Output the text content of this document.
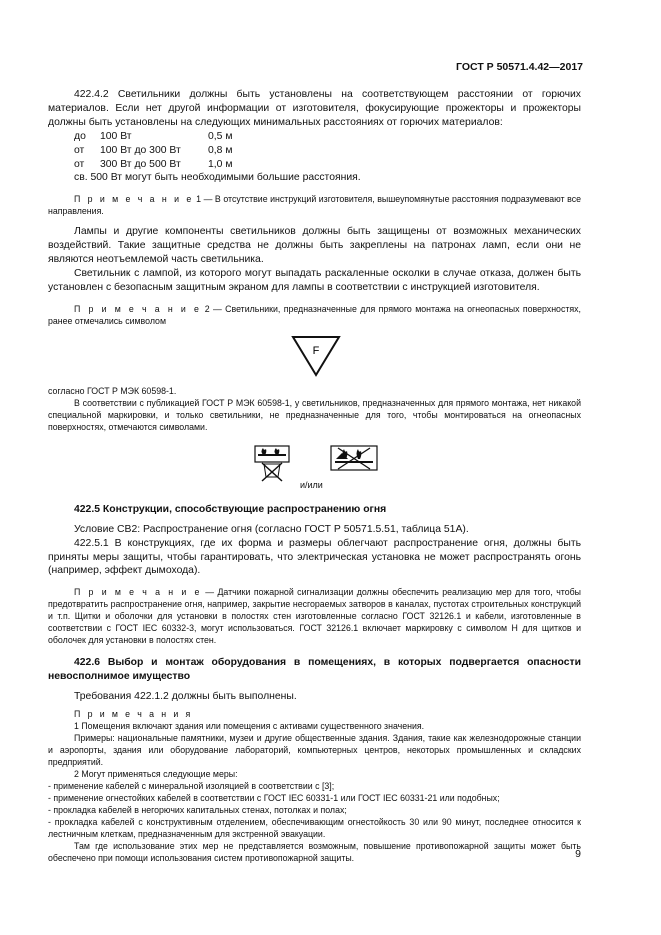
ГОСТ Р 50571.4.42—2017

422.4.2 Светильники должны быть установлены на соответствующем расстоянии от горючих материалов. Если нет другой информации от изготовителя, фокусирующие прожекторы и прожекторы должны быть установлены на следующих минимальных расстояниях от горючих материалов:

до 100 Вт	0,5 м
от 100 Вт до 300 Вт	0,8 м
от 300 Вт до 500 Вт	1,0 м
св. 500 Вт могут быть необходимыми большие расстояния.

П р и м е ч а н и е 1 — В отсутствие инструкций изготовителя, вышеупомянутые расстояния подразумевают все направления.

Лампы и другие компоненты светильников должны быть защищены от возможных механических воздействий. Такие защитные средства не должны быть закреплены на патронах ламп, если они не являются неотъемлемой часть светильника.

Светильник с лампой, из которого могут выпадать раскаленные осколки в случае отказа, должен быть установлен с безопасным защитным экраном для лампы в соответствии с инструкцией изготовителя.

П р и м е ч а н и е 2 — Светильники, предназначенные для прямого монтажа на огнеопасных поверхностях, ранее отмечались символом

F

согласно ГОСТ Р МЭК 60598-1.

В соответствии с публикацией ГОСТ Р МЭК 60598-1, у светильников, предназначенных для прямого монтажа, нет никакой специальной маркировки, и только светильники, не предназначенные для того, чтобы монтироваться на огнеопасных поверхностях, отмечаются символами.

и/или

422.5 Конструкции, способствующие распространению огня

Условие СВ2: Распространение огня (согласно ГОСТ Р 50571.5.51, таблица 51А).

422.5.1 В конструкциях, где их форма и размеры облегчают распространение огня, должны быть приняты меры защиты, чтобы гарантировать, что электрическая установка не может распространять огонь (например, эффект дымохода).

П р и м е ч а н и е — Датчики пожарной сигнализации должны обеспечить реализацию мер для того, чтобы предотвратить распространение огня, например, закрытие несгораемых затворов в каналах, пустотах строительных конструкций и т.п. Щитки и оболочки для установки в полостях стен изготовленные согласно ГОСТ 32126.1 и кабели, изготовленные в соответствии с ГОСТ IEC 60332-3, могут использоваться. ГОСТ 32126.1 включает маркировку с символом Н для щитков и оболочек для установки в полостях стен.

422.6 Выбор и монтаж оборудования в помещениях, в которых подвергается опасности невосполнимое имущество

Требования 422.1.2 должны быть выполнены.

П р и м е ч а н и я

1 Помещения включают здания или помещения с активами существенного значения.

Примеры: национальные памятники, музеи и другие общественные здания. Здания, такие как железнодорожные станции и аэропорты, здания или оборудование лабораторий, компьютерных центров, некоторых промышленных и складских предприятий.

2 Могут применяться следующие меры:

- применение кабелей с минеральной изоляцией в соответствии с [3];

- применение огнестойких кабелей в соответствии с ГОСТ IEC 60331-1 или ГОСТ IEC 60331-21 или подобных;

- прокладка кабелей в негорючих капитальных стенах, потолках и полах;

- прокладка кабелей с конструктивным отделением, обеспечивающим огнестойкость 30 или 90 минут, последнее относится к лестничным клеткам, предназначенным для экстренной эвакуации.

Там где использование этих мер не представляется возможным, повышение противопожарной защиты может быть обеспечено при помощи использования систем противопожарной защиты.	9
